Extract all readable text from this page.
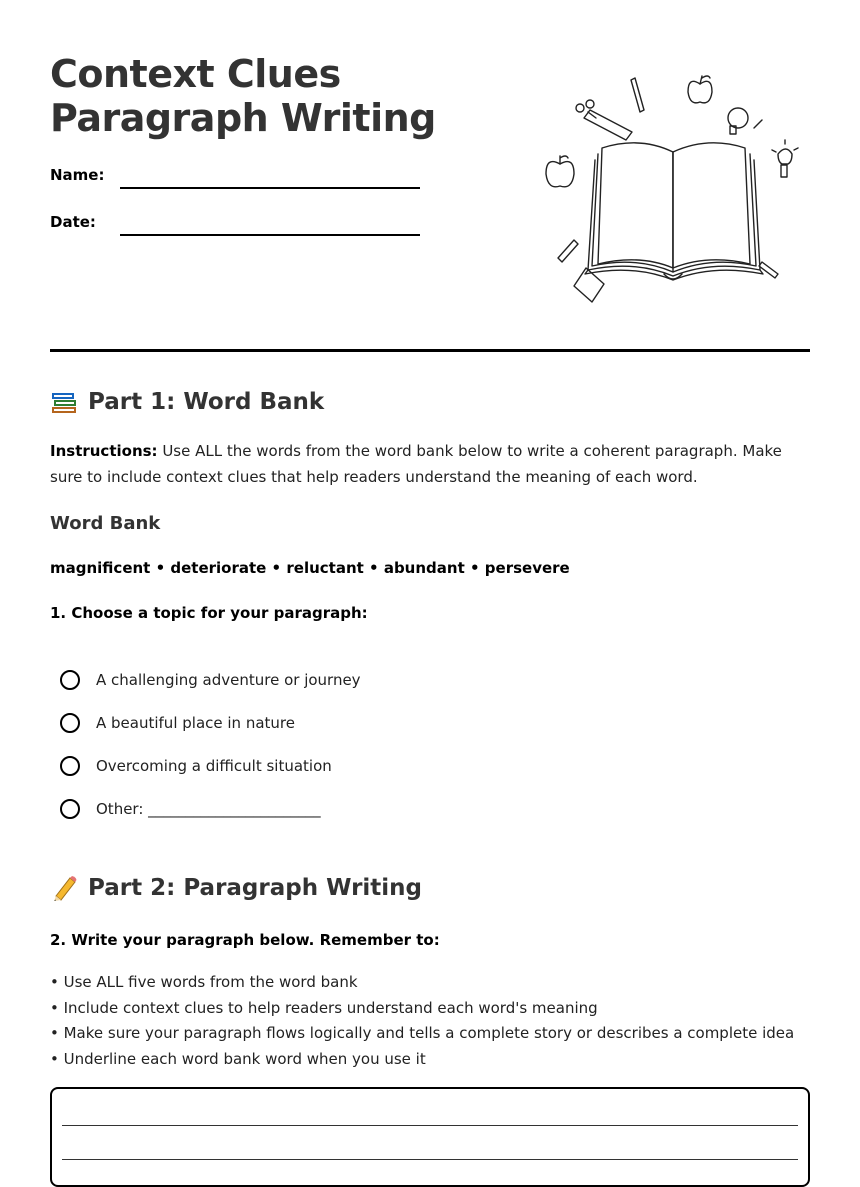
Context Clues
Paragraph Writing
Name:
Date:
Part 1: Word Bank
Instructions: Use ALL the words from the word bank below to write a coherent paragraph. Make sure to include context clues that help readers understand the meaning of each word.
Word Bank
magnificent • deteriorate • reluctant • abundant • persevere
1. Choose a topic for your paragraph:
A challenging adventure or journey
A beautiful place in nature
Overcoming a difficult situation
Other: _______________________
Part 2: Paragraph Writing
2. Write your paragraph below. Remember to:
• Use ALL five words from the word bank
• Include context clues to help readers understand each word's meaning
• Make sure your paragraph flows logically and tells a complete story or describes a complete idea
• Underline each word bank word when you use it
